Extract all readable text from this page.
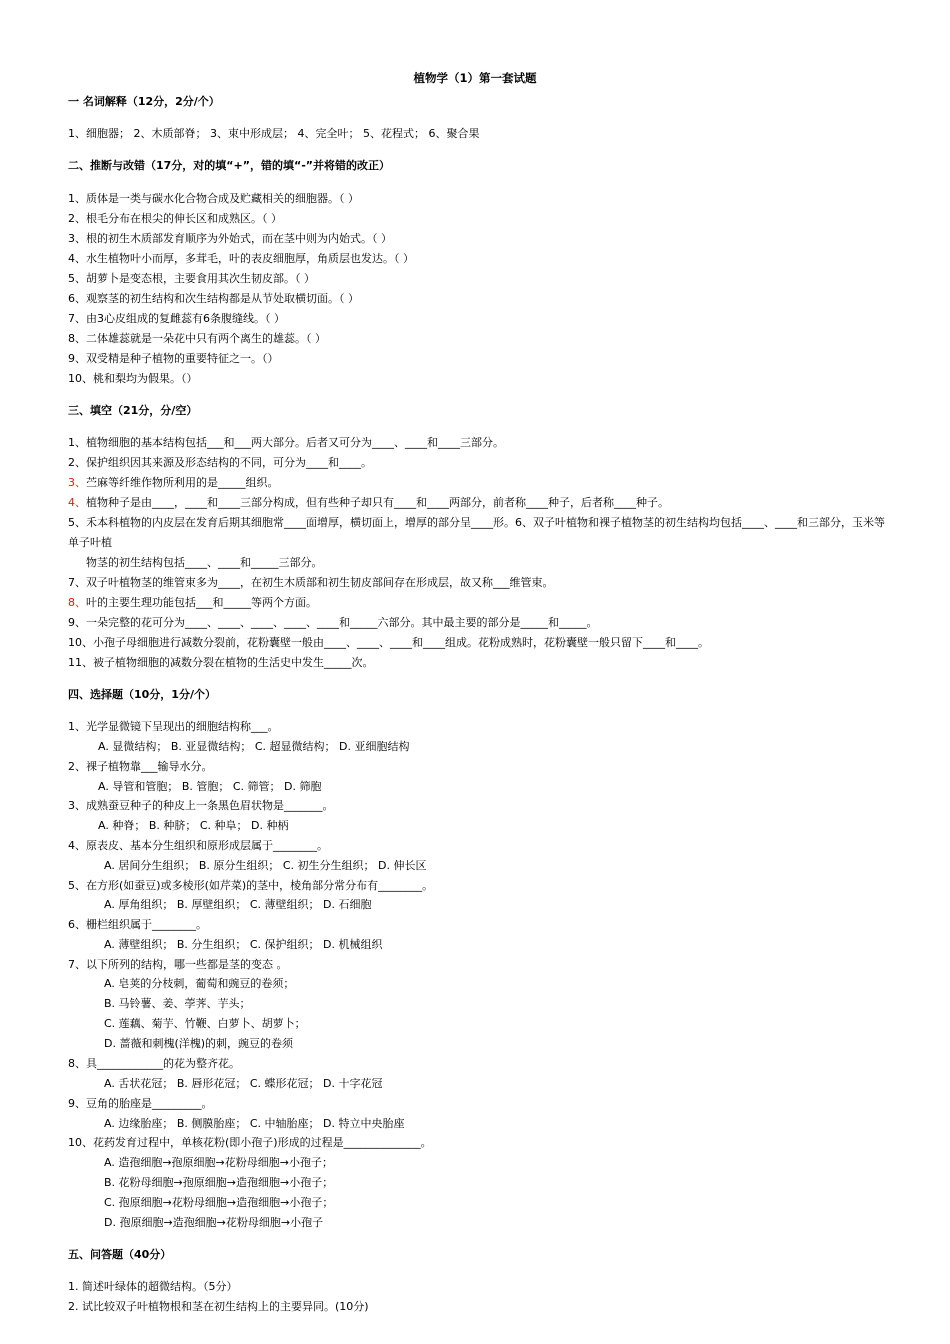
植物学（1）第一套试题
一 名词解释（12分，2分/个）
1、细胞器； 2、木质部脊； 3、束中形成层； 4、完全叶； 5、花程式； 6、聚合果
二、推断与改错（17分，对的填“+”，错的填“-”并将错的改正）
1、质体是一类与碳水化合物合成及贮藏相关的细胞器。（ ）
2、根毛分布在根尖的伸长区和成熟区。（ ）
3、根的初生木质部发育顺序为外始式，而在茎中则为内始式。（ ）
4、水生植物叶小而厚，多茸毛，叶的表皮细胞厚，角质层也发达。（ ）
5、胡萝卜是变态根，主要食用其次生韧皮部。（ ）
6、观察茎的初生结构和次生结构都是从节处取横切面。（ ）
7、由3心皮组成的复雌蕊有6条腹缝线。（ ）
8、二体雄蕊就是一朵花中只有两个离生的雄蕊。（ ）
9、双受精是种子植物的重要特征之一。（）
10、桃和梨均为假果。（）
三、填空（21分，分/空）
1、植物细胞的基本结构包括___和___两大部分。后者又可分为____、____和____三部分。
2、保护组织因其来源及形态结构的不同，可分为____和____。
3、苎麻等纤维作物所利用的是_____组织。
4、植物种子是由____，____和____三部分构成，但有些种子却只有____和____两部分，前者称____种子，后者称____种子。
5、禾本科植物的内皮层在发育后期其细胞常____面增厚，横切面上，增厚的部分呈____形。6、双子叶植物和裸子植物茎的初生结构均包括____、____和三部分，玉米等单子叶植
物茎的初生结构包括____、____和_____三部分。
7、双子叶植物茎的维管束多为____，在初生木质部和初生韧皮部间存在形成层，故又称___维管束。
8、叶的主要生理功能包括___和_____等两个方面。
9、一朵完整的花可分为____、____、____、____、____和_____六部分。其中最主要的部分是_____和_____。
10、小孢子母细胞进行减数分裂前，花粉囊壁一般由____、____、____和____组成。花粉成熟时，花粉囊壁一般只留下____和____。
11、被子植物细胞的减数分裂在植物的生活史中发生_____次。
四、选择题（10分，1分/个）
1、光学显微镜下呈现出的细胞结构称___。
A. 显微结构； B. 亚显微结构； C. 超显微结构； D. 亚细胞结构
2、裸子植物靠___输导水分。
A. 导管和管胞； B. 管胞； C. 筛管； D. 筛胞
3、成熟蚕豆种子的种皮上一条黑色眉状物是_______。
A. 种脊； B. 种脐； C. 种阜； D. 种柄
4、原表皮、基本分生组织和原形成层属于________。
A. 居间分生组织； B. 原分生组织； C. 初生分生组织； D. 伸长区
5、在方形(如蚕豆)或多棱形(如芹菜)的茎中，棱角部分常分布有________。
A. 厚角组织； B. 厚壁组织； C. 薄壁组织； D. 石细胞
6、栅栏组织属于________。
A. 薄壁组织； B. 分生组织； C. 保护组织； D. 机械组织
7、以下所列的结构，哪一些都是茎的变态 。
A. 皂荚的分枝刺，葡萄和豌豆的卷须；
B. 马铃薯、姜、荸荠、芋头；
C. 莲藕、菊芋、竹鞭、白萝卜、胡萝卜；
D. 蔷薇和刺槐(洋槐)的刺，豌豆的卷须
8、具____________的花为整齐花。
A. 舌状花冠； B. 唇形花冠； C. 蝶形花冠； D. 十字花冠
9、豆角的胎座是_________。
A. 边缘胎座； B. 侧膜胎座； C. 中轴胎座； D. 特立中央胎座
10、花药发育过程中，单核花粉(即小孢子)形成的过程是______________。
A. 造孢细胞→孢原细胞→花粉母细胞→小孢子；
B. 花粉母细胞→孢原细胞→造孢细胞→小孢子；
C. 孢原细胞→花粉母细胞→造孢细胞→小孢子；
D. 孢原细胞→造孢细胞→花粉母细胞→小孢子
五、问答题（40分）
1. 简述叶绿体的超微结构。（5分）
2. 试比较双子叶植物根和茎在初生结构上的主要异同。(10分)
